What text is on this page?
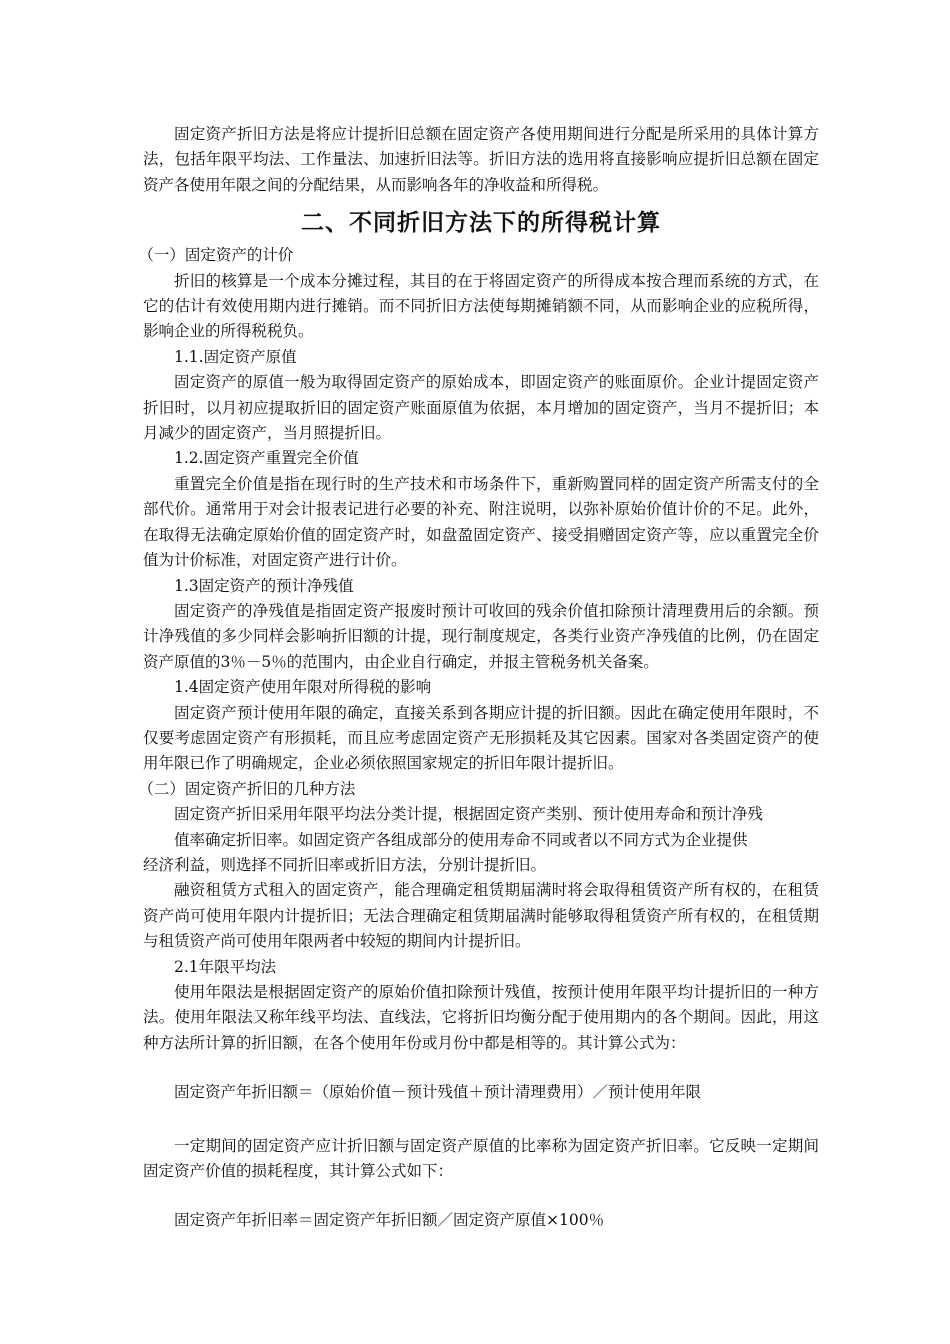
固定资产折旧方法是将应计提折旧总额在固定资产各使用期间进行分配是所采用的具体计算方法，包括年限平均法、工作量法、加速折旧法等。折旧方法的选用将直接影响应提折旧总额在固定资产各使用年限之间的分配结果，从而影响各年的净收益和所得税。

二、不同折旧方法下的所得税计算

（一）固定资产的计价

折旧的核算是一个成本分摊过程，其目的在于将固定资产的所得成本按合理而系统的方式，在它的估计有效使用期内进行摊销。而不同折旧方法使每期摊销额不同，从而影响企业的应税所得，影响企业的所得税税负。

1.1.固定资产原值

固定资产的原值一般为取得固定资产的原始成本，即固定资产的账面原价。企业计提固定资产折旧时，以月初应提取折旧的固定资产账面原值为依据，本月增加的固定资产，当月不提折旧；本月减少的固定资产，当月照提折旧。

1.2.固定资产重置完全价值

重置完全价值是指在现行时的生产技术和市场条件下，重新购置同样的固定资产所需支付的全部代价。通常用于对会计报表记进行必要的补充、附注说明，以弥补原始价值计价的不足。此外，在取得无法确定原始价值的固定资产时，如盘盈固定资产、接受捐赠固定资产等，应以重置完全价值为计价标准，对固定资产进行计价。

1.3固定资产的预计净残值

固定资产的净残值是指固定资产报废时预计可收回的残余价值扣除预计清理费用后的余额。预计净残值的多少同样会影响折旧额的计提，现行制度规定，各类行业资产净残值的比例，仍在固定资产原值的3％－5％的范围内，由企业自行确定，并报主管税务机关备案。

1.4固定资产使用年限对所得税的影响

固定资产预计使用年限的确定，直接关系到各期应计提的折旧额。因此在确定使用年限时，不仅要考虑固定资产有形损耗，而且应考虑固定资产无形损耗及其它因素。国家对各类固定资产的使用年限已作了明确规定，企业必须依照国家规定的折旧年限计提折旧。

（二）固定资产折旧的几种方法

固定资产折旧采用年限平均法分类计提，根据固定资产类别、预计使用寿命和预计净残
值率确定折旧率。如固定资产各组成部分的使用寿命不同或者以不同方式为企业提供
经济利益，则选择不同折旧率或折旧方法，分别计提折旧。

融资租赁方式租入的固定资产，能合理确定租赁期届满时将会取得租赁资产所有权的，在租赁资产尚可使用年限内计提折旧；无法合理确定租赁期届满时能够取得租赁资产所有权的，在租赁期与租赁资产尚可使用年限两者中较短的期间内计提折旧。

2.1年限平均法

使用年限法是根据固定资产的原始价值扣除预计残值，按预计使用年限平均计提折旧的一种方法。使用年限法又称年线平均法、直线法，它将折旧均衡分配于使用期内的各个期间。因此，用这种方法所计算的折旧额，在各个使用年份或月份中都是相等的。其计算公式为：

固定资产年折旧额＝（原始价值－预计残值＋预计清理费用）／预计使用年限

一定期间的固定资产应计折旧额与固定资产原值的比率称为固定资产折旧率。它反映一定期间固定资产价值的损耗程度，其计算公式如下：

固定资产年折旧率＝固定资产年折旧额／固定资产原值×100％
